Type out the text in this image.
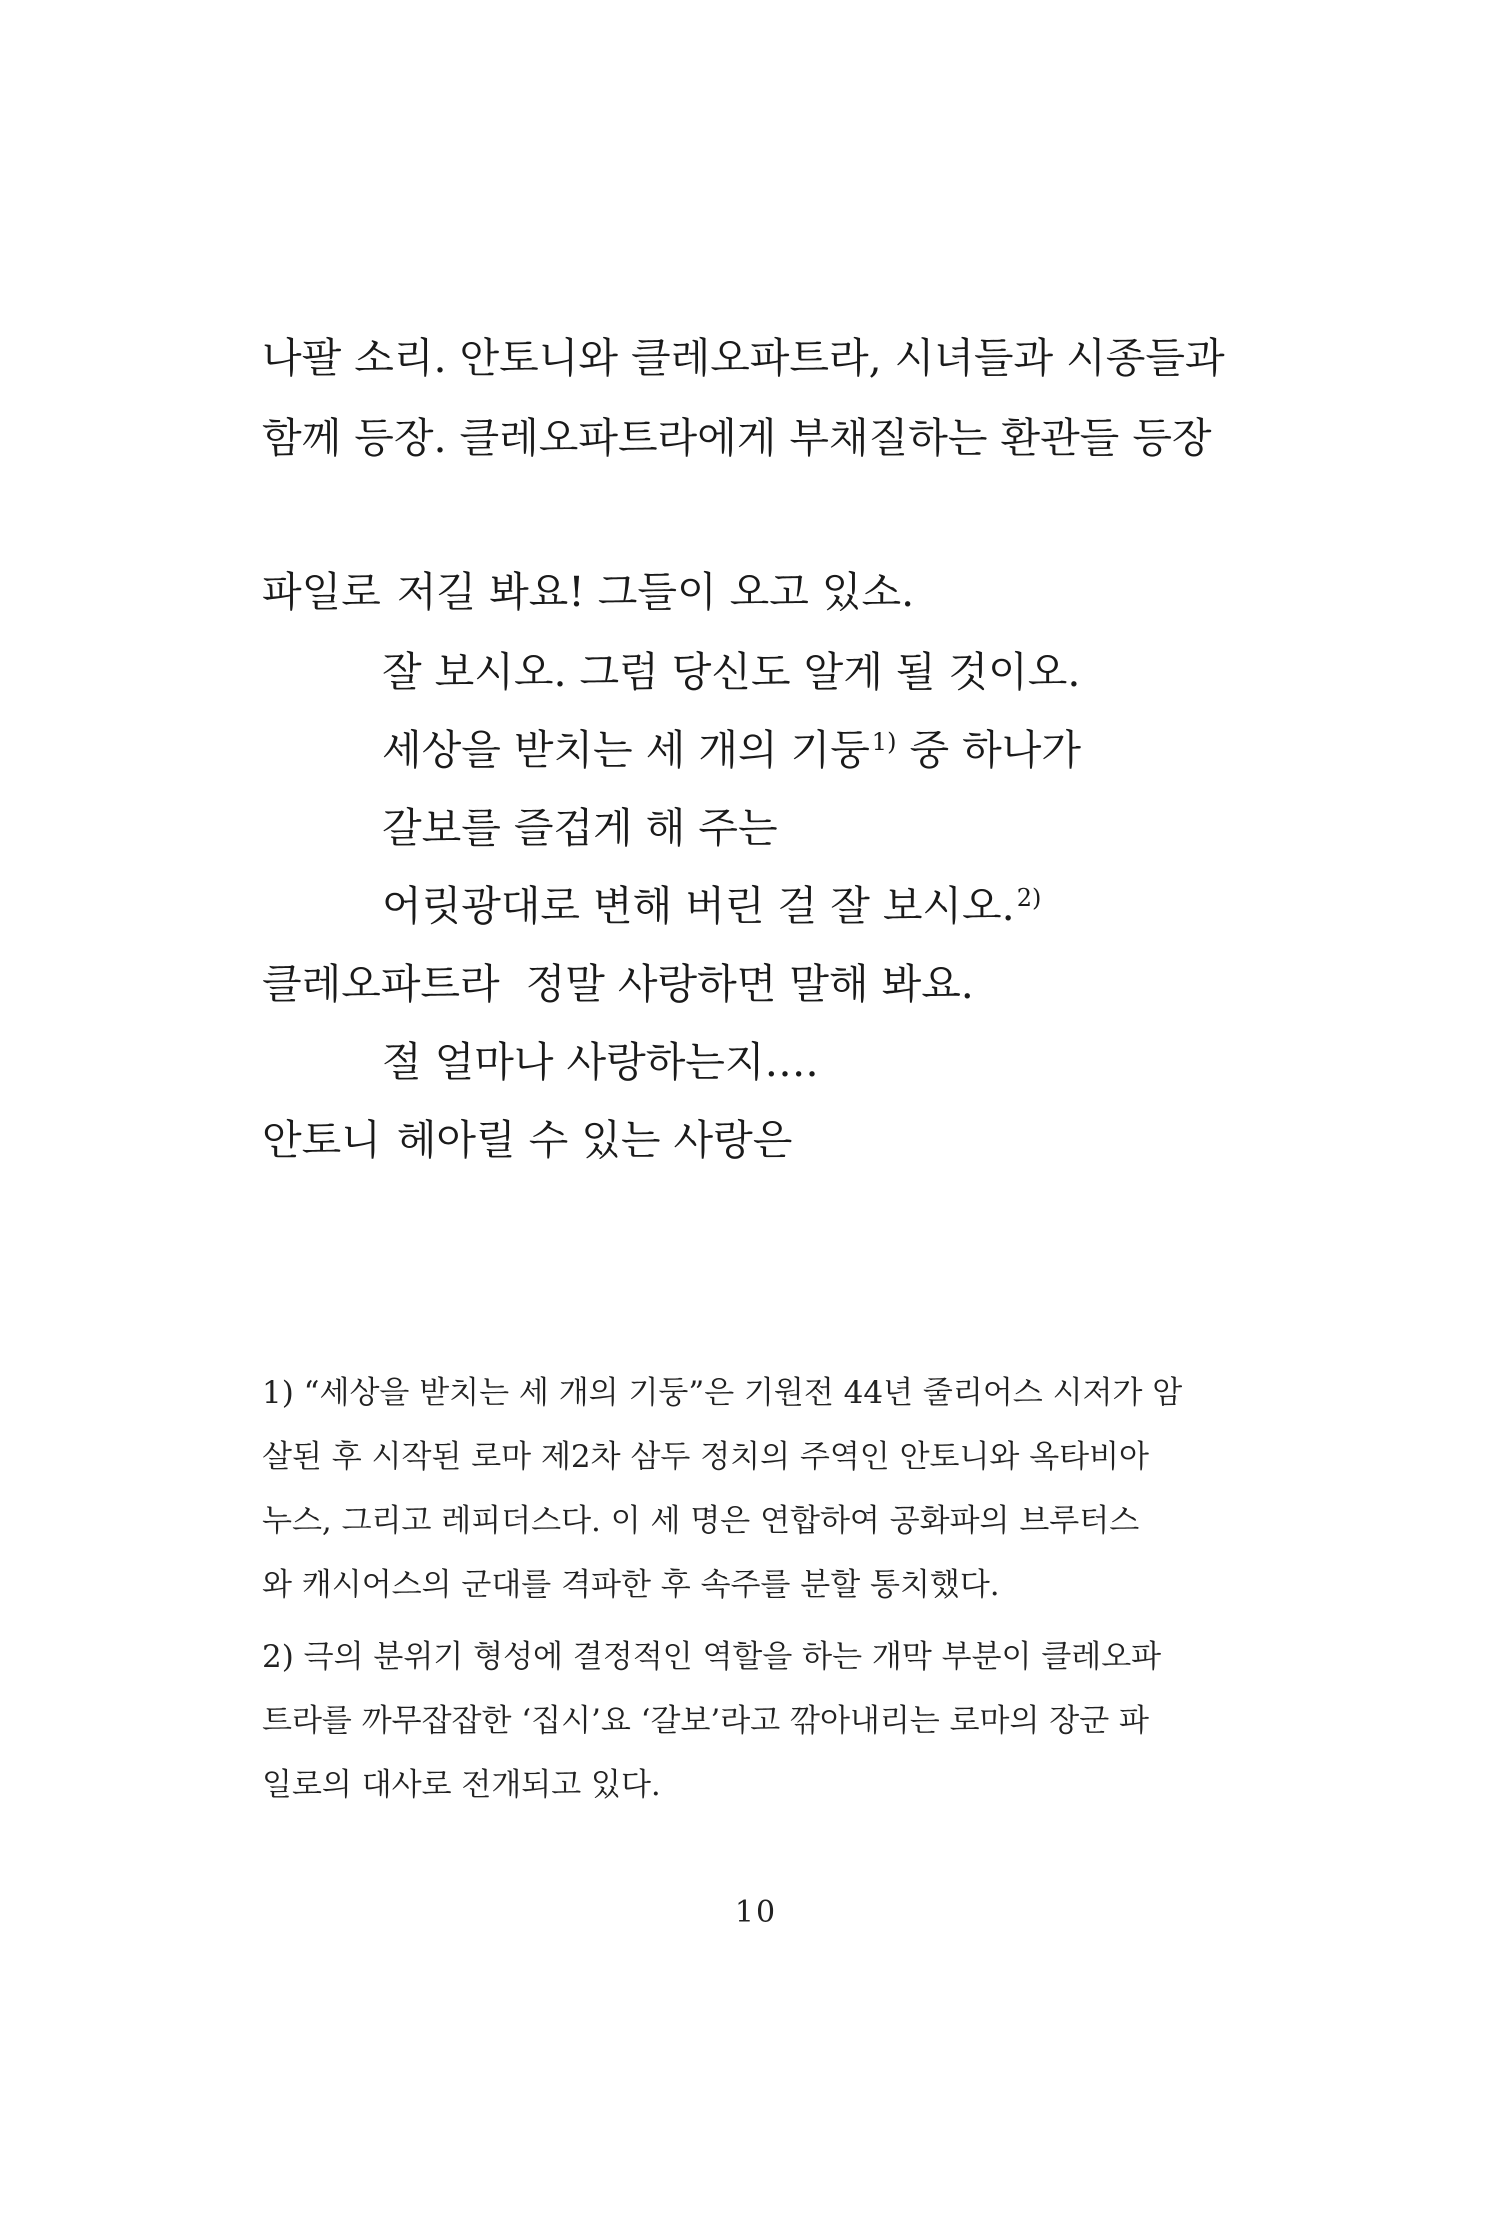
나팔 소리. 안토니와 클레오파트라, 시녀들과 시종들과
함께 등장. 클레오파트라에게 부채질하는 환관들 등장
파일로 저길 봐요! 그들이 오고 있소.
잘 보시오. 그럼 당신도 알게 될 것이오.
세상을 받치는 세 개의 기둥$^{1)}$ 중 하나가
갈보를 즐겁게 해 주는
어릿광대로 변해 버린 걸 잘 보시오.$^{2)}$
클레오파트라 정말 사랑하면 말해 봐요.
절 얼마나 사랑하는지….
안토니 헤아릴 수 있는 사랑은
1) “세상을 받치는 세 개의 기둥”은 기원전 44년 줄리어스 시저가 암
살된 후 시작된 로마 제2차 삼두 정치의 주역인 안토니와 옥타비아
누스, 그리고 레피더스다. 이 세 명은 연합하여 공화파의 브루터스
와 캐시어스의 군대를 격파한 후 속주를 분할 통치했다.
2) 극의 분위기 형성에 결정적인 역할을 하는 개막 부분이 클레오파
트라를 까무잡잡한 ‘집시’요 ‘갈보’라고 깎아내리는 로마의 장군 파
일로의 대사로 전개되고 있다.
10
